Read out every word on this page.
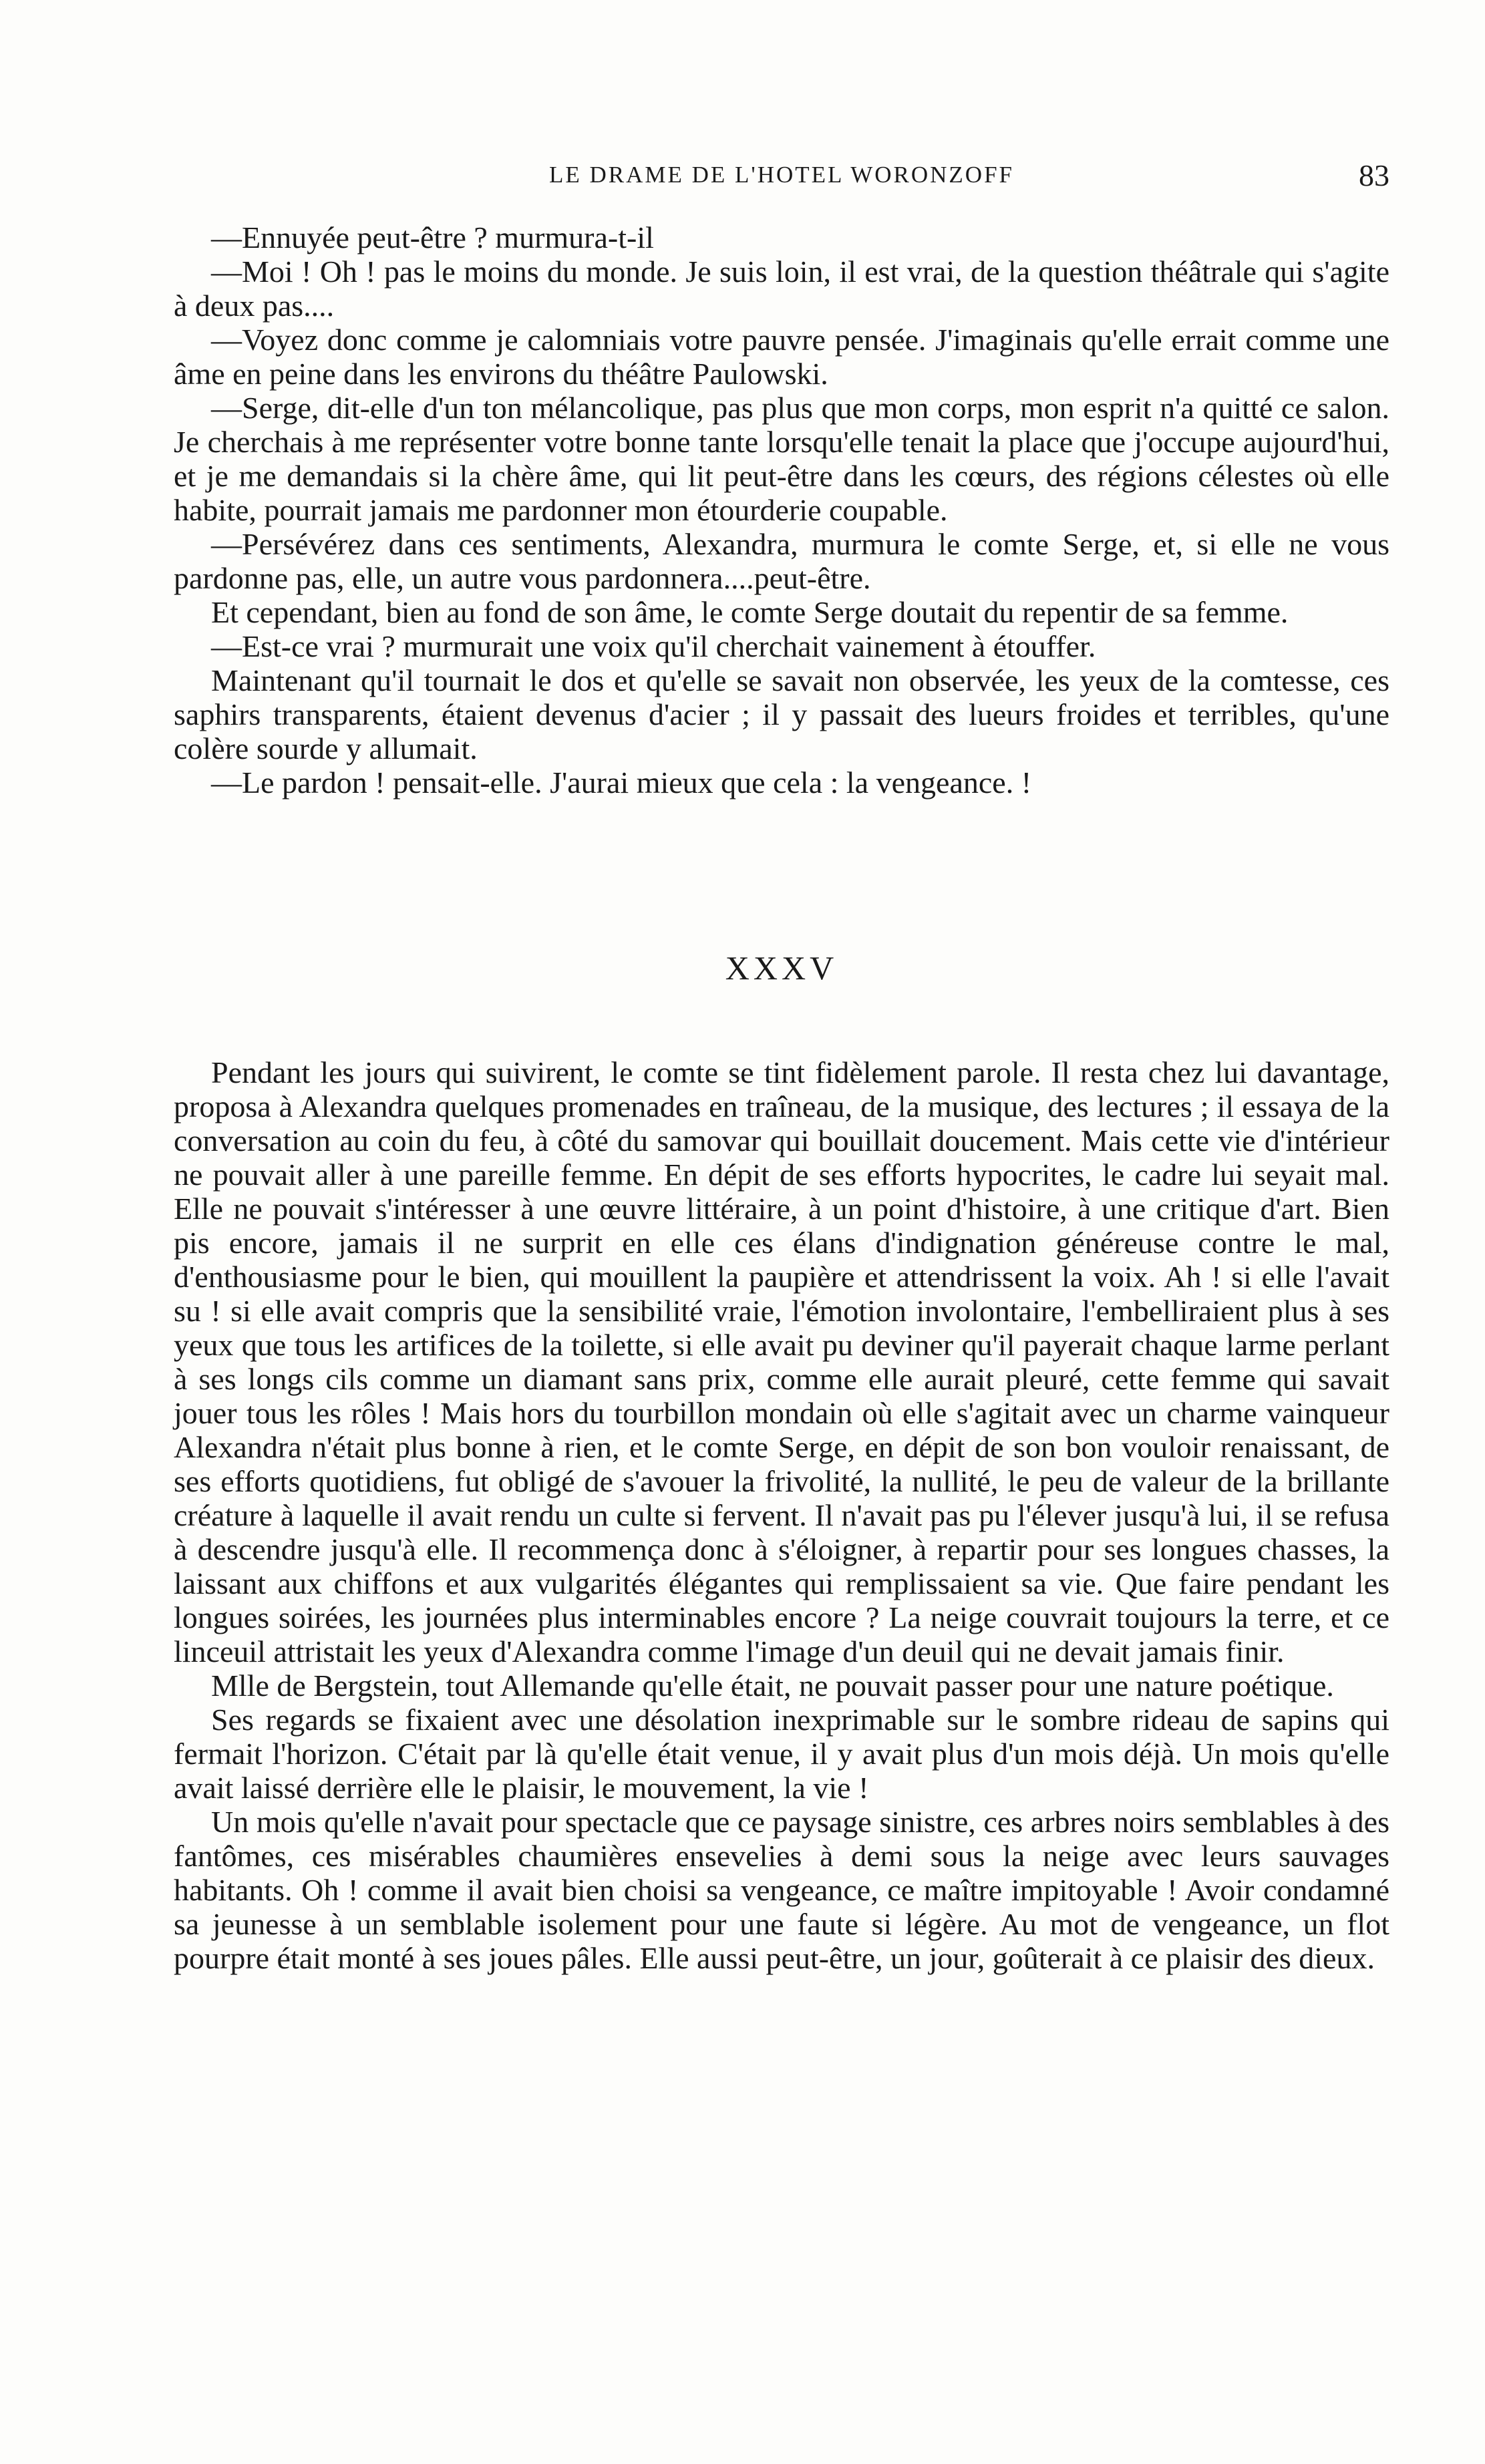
LE DRAME DE L'HOTEL WORONZOFF	83

—Ennuyée peut-être ? murmura-t-il

—Moi ! Oh ! pas le moins du monde. Je suis loin, il est vrai, de la question théâtrale qui s'agite à deux pas....

—Voyez donc comme je calomniais votre pauvre pensée. J'imaginais qu'elle errait comme une âme en peine dans les environs du théâtre Paulowski.

—Serge, dit-elle d'un ton mélancolique, pas plus que mon corps, mon esprit n'a quitté ce salon. Je cherchais à me représenter votre bonne tante lorsqu'elle tenait la place que j'occupe aujourd'hui, et je me demandais si la chère âme, qui lit peut-être dans les cœurs, des régions célestes où elle habite, pourrait jamais me pardonner mon étourderie coupable.

—Persévérez dans ces sentiments, Alexandra, murmura le comte Serge, et, si elle ne vous pardonne pas, elle, un autre vous pardonnera....peut-être.

Et cependant, bien au fond de son âme, le comte Serge doutait du repentir de sa femme.

—Est-ce vrai ? murmurait une voix qu'il cherchait vainement à étouffer.

Maintenant qu'il tournait le dos et qu'elle se savait non observée, les yeux de la comtesse, ces saphirs transparents, étaient devenus d'acier ; il y passait des lueurs froides et terribles, qu'une colère sourde y allumait.

—Le pardon ! pensait-elle. J'aurai mieux que cela : la vengeance. !

XXXV

Pendant les jours qui suivirent, le comte se tint fidèlement parole. Il resta chez lui davantage, proposa à Alexandra quelques promenades en traîneau, de la musique, des lectures ; il essaya de la conversation au coin du feu, à côté du samovar qui bouillait doucement. Mais cette vie d'intérieur ne pouvait aller à une pareille femme. En dépit de ses efforts hypocrites, le cadre lui seyait mal. Elle ne pouvait s'intéresser à une œuvre littéraire, à un point d'histoire, à une critique d'art. Bien pis encore, jamais il ne surprit en elle ces élans d'indignation généreuse contre le mal, d'enthousiasme pour le bien, qui mouillent la paupière et attendrissent la voix. Ah ! si elle l'avait su ! si elle avait compris que la sensibilité vraie, l'émotion involontaire, l'embelliraient plus à ses yeux que tous les artifices de la toilette, si elle avait pu deviner qu'il payerait chaque larme perlant à ses longs cils comme un diamant sans prix, comme elle aurait pleuré, cette femme qui savait jouer tous les rôles ! Mais hors du tourbillon mondain où elle s'agitait avec un charme vainqueur Alexandra n'était plus bonne à rien, et le comte Serge, en dépit de son bon vouloir renaissant, de ses efforts quotidiens, fut obligé de s'avouer la frivolité, la nullité, le peu de valeur de la brillante créature à laquelle il avait rendu un culte si fervent. Il n'avait pas pu l'élever jusqu'à lui, il se refusa à descendre jusqu'à elle. Il recommença donc à s'éloigner, à repartir pour ses longues chasses, la laissant aux chiffons et aux vulgarités élégantes qui remplissaient sa vie. Que faire pendant les longues soirées, les journées plus interminables encore ? La neige couvrait toujours la terre, et ce linceuil attristait les yeux d'Alexandra comme l'image d'un deuil qui ne devait jamais finir.

Mlle de Bergstein, tout Allemande qu'elle était, ne pouvait passer pour une nature poétique.

Ses regards se fixaient avec une désolation inexprimable sur le sombre rideau de sapins qui fermait l'horizon. C'était par là qu'elle était venue, il y avait plus d'un mois déjà. Un mois qu'elle avait laissé derrière elle le plaisir, le mouvement, la vie !

Un mois qu'elle n'avait pour spectacle que ce paysage sinistre, ces arbres noirs semblables à des fantômes, ces misérables chaumières ensevelies à demi sous la neige avec leurs sauvages habitants. Oh ! comme il avait bien choisi sa vengeance, ce maître impitoyable ! Avoir condamné sa jeunesse à un semblable isolement pour une faute si légère. Au mot de vengeance, un flot pourpre était monté à ses joues pâles. Elle aussi peut-être, un jour, goûterait à ce plaisir des dieux.
